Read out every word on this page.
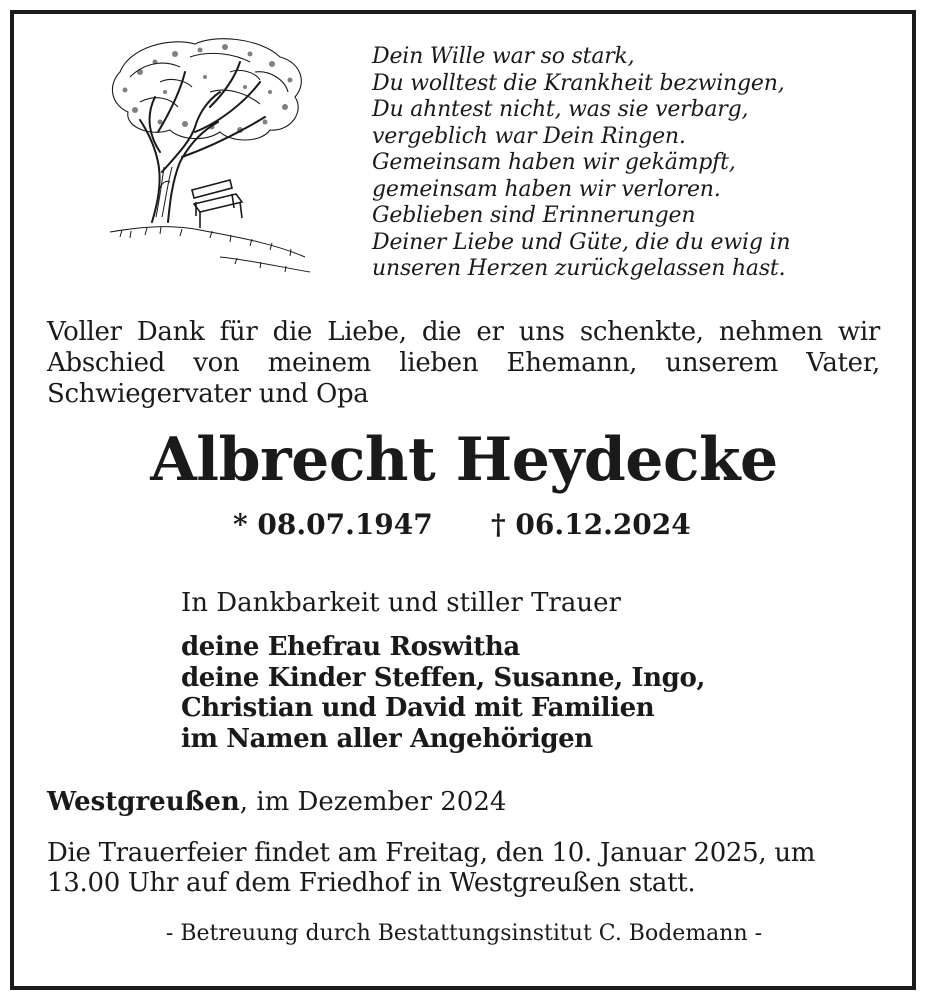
Dein Wille war so stark,
Du wolltest die Krankheit bezwingen,
Du ahntest nicht, was sie verbarg,
vergeblich war Dein Ringen.
Gemeinsam haben wir gekämpft,
gemeinsam haben wir verloren.
Geblieben sind Erinnerungen
Deiner Liebe und Güte, die du ewig in
unseren Herzen zurückgelassen hast.
Voller Dank für die Liebe, die er uns schenkte, nehmen wir Abschied von meinem lieben Ehemann, unserem Vater, Schwiegervater und Opa
Albrecht Heydecke
* 08.07.1947 † 06.12.2024
In Dankbarkeit und stiller Trauer
deine Ehefrau Roswitha
deine Kinder Steffen, Susanne, Ingo,
Christian und David mit Familien
im Namen aller Angehörigen
Westgreußen, im Dezember 2024
Die Trauerfeier findet am Freitag, den 10. Januar 2025, um
13.00 Uhr auf dem Friedhof in Westgreußen statt.
- Betreuung durch Bestattungsinstitut C. Bodemann -
